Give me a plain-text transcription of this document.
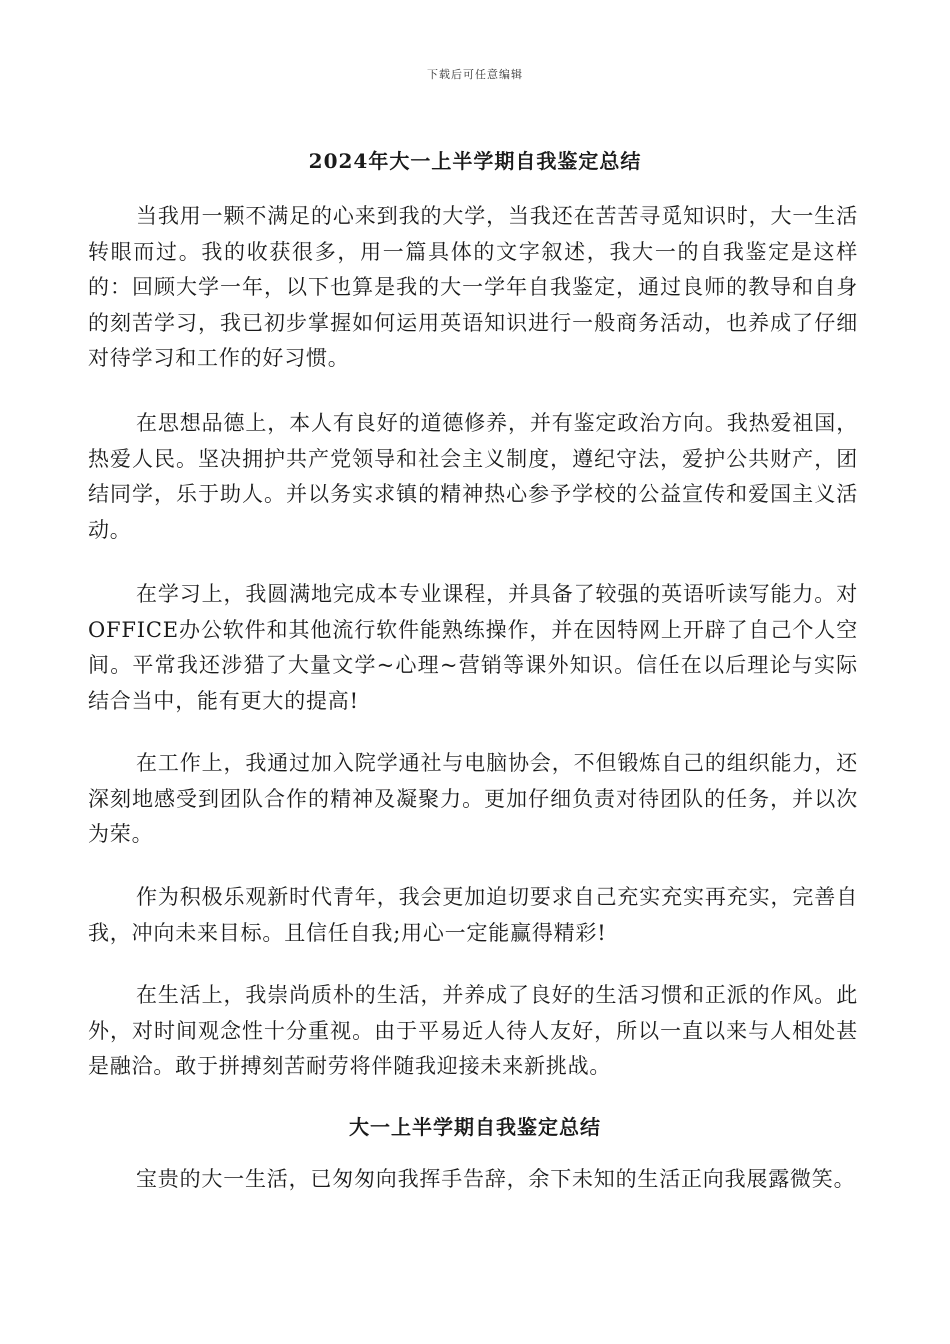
下载后可任意编辑
2024年大一上半学期自我鉴定总结

当我用一颗不满足的心来到我的大学，当我还在苦苦寻觅知识时，大一生活转眼而过。我的收获很多，用一篇具体的文字叙述，我大一的自我鉴定是这样的：回顾大学一年，以下也算是我的大一学年自我鉴定，通过良师的教导和自身的刻苦学习，我已初步掌握如何运用英语知识进行一般商务活动，也养成了仔细对待学习和工作的好习惯。

在思想品德上，本人有良好的道德修养，并有鉴定政治方向。我热爱祖国，热爱人民。坚决拥护共产党领导和社会主义制度，遵纪守法，爱护公共财产，团结同学，乐于助人。并以务实求镇的精神热心参予学校的公益宣传和爱国主义活动。

在学习上，我圆满地完成本专业课程，并具备了较强的英语听读写能力。对OFFICE办公软件和其他流行软件能熟练操作，并在因特网上开辟了自己个人空间。平常我还涉猎了大量文学~心理~营销等课外知识。信任在以后理论与实际结合当中，能有更大的提高!

在工作上，我通过加入院学通社与电脑协会，不但锻炼自己的组织能力，还深刻地感受到团队合作的精神及凝聚力。更加仔细负责对待团队的任务，并以次为荣。

作为积极乐观新时代青年，我会更加迫切要求自己充实充实再充实，完善自我，冲向未来目标。且信任自我;用心一定能赢得精彩!

在生活上，我崇尚质朴的生活，并养成了良好的生活习惯和正派的作风。此外，对时间观念性十分重视。由于平易近人待人友好，所以一直以来与人相处甚是融洽。敢于拼搏刻苦耐劳将伴随我迎接未来新挑战。

大一上半学期自我鉴定总结

宝贵的大一生活，已匆匆向我挥手告辞，余下未知的生活正向我展露微笑。
